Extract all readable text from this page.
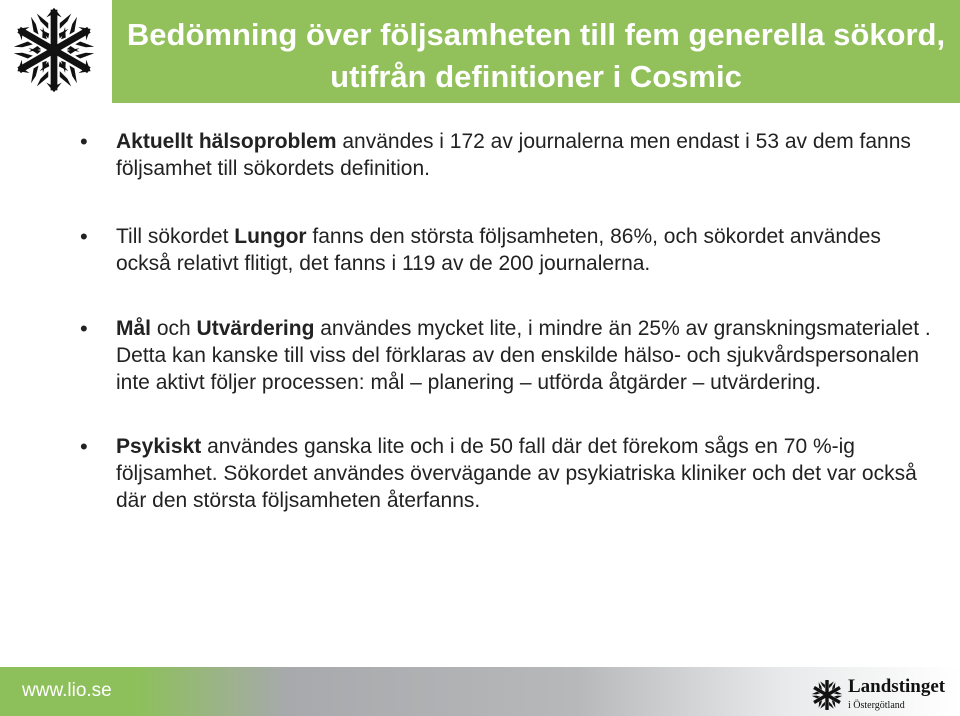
Bedömning över följsamheten till fem generella sökord,
utifrån definitioner i Cosmic
• Aktuellt hälsoproblem användes i 172 av journalerna men endast i 53 av dem fanns följsamhet till sökordets definition.
• Till sökordet Lungor fanns den största följsamheten, 86%, och sökordet användes också relativt flitigt, det fanns i 119 av de 200 journalerna.
• Mål och Utvärdering användes mycket lite, i mindre än 25% av granskningsmaterialet . Detta kan kanske till viss del förklaras av den enskilde hälso- och sjukvårdspersonalen inte aktivt följer processen: mål – planering – utförda åtgärder – utvärdering.
• Psykiskt användes ganska lite och i de 50 fall där det förekom sågs en 70 %-ig följsamhet. Sökordet användes övervägande av psykiatriska kliniker och det var också där den största följsamheten återfanns.
www.lio.se	Landstinget
i Östergötland
